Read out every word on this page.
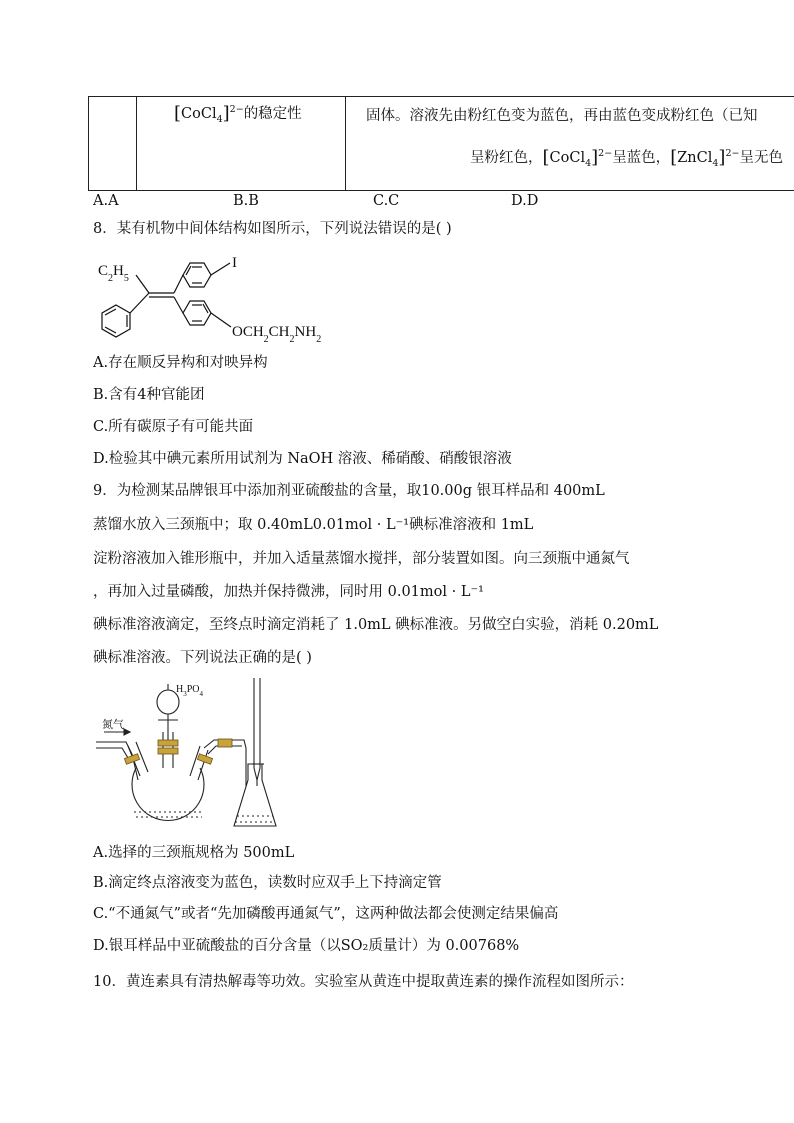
[CoCl$_4$]$^{2-}$的稳定性	固体。溶液先由粉红色变为蓝色，再由蓝色变成粉红色（已知
呈粉红色，[CoCl$_4$]$^{2-}$呈蓝色，[ZnCl$_4$]$^{2-}$呈无色
A.A	B.B	C.C	D.D
8．某有机物中间体结构如图所示，下列说法错误的是( )
$C_2H_5$
I
$OCH_2CH_2NH_2$
A.存在顺反异构和对映异构
B.含有4种官能团
C.所有碳原子有可能共面
D.检验其中碘元素所用试剂为 NaOH 溶液、稀硝酸、硝酸银溶液
9．为检测某品牌银耳中添加剂亚硫酸盐的含量，取10.00g 银耳样品和 400mL
蒸馏水放入三颈瓶中；取 0.40mL0.01mol · L⁻¹碘标准溶液和 1mL
淀粉溶液加入锥形瓶中，并加入适量蒸馏水搅拌，部分装置如图。向三颈瓶中通氮气
，再加入过量磷酸，加热并保持微沸，同时用 0.01mol · L⁻¹
碘标准溶液滴定，至终点时滴定消耗了 1.0mL 碘标准液。另做空白实验，消耗 0.20mL
碘标准溶液。下列说法正确的是( )
$H_3PO_4$
氮气
A.选择的三颈瓶规格为 500mL
B.滴定终点溶液变为蓝色，读数时应双手上下持滴定管
C.“不通氮气”或者“先加磷酸再通氮气”，这两种做法都会使测定结果偏高
D.银耳样品中亚硫酸盐的百分含量（以SO₂质量计）为 0.00768%
10．黄连素具有清热解毒等功效。实验室从黄连中提取黄连素的操作流程如图所示：
